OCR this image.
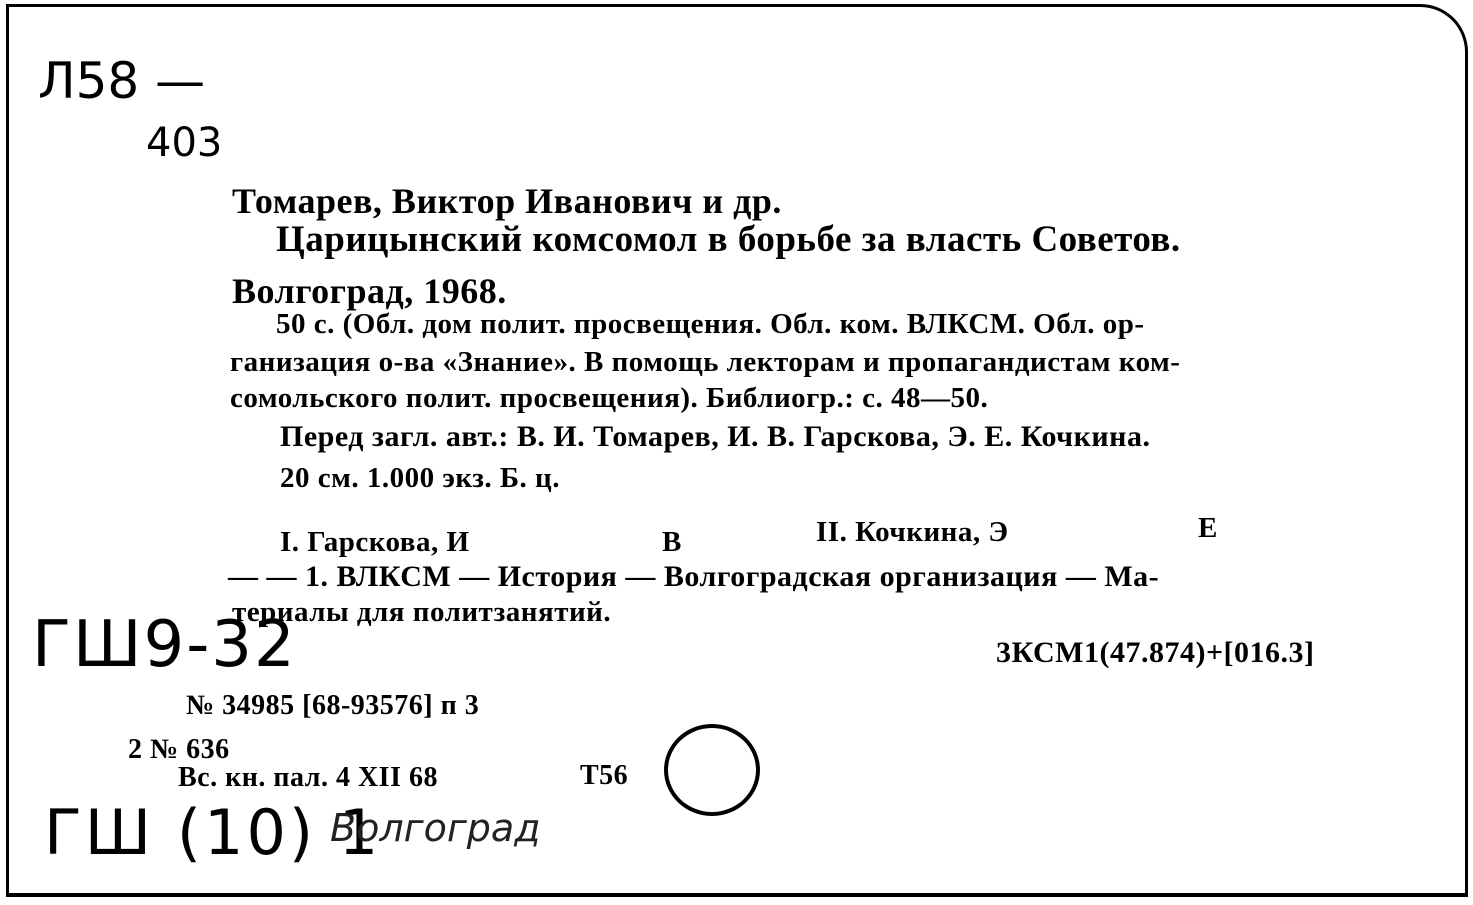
Л58 —
403
ГШ9-32
ГШ (10) 1
Волгоград
Томарев, Виктор Иванович и др.
Царицынский комсомол в борьбе за власть Советов.
Волгоград, 1968.
50 с. (Обл. дом полит. просвещения. Обл. ком. ВЛКСМ. Обл. ор-
ганизация о-ва «Знание». В помощь лекторам и пропагандистам ком-
сомольского полит. просвещения). Библиогр.: с. 48—50.
Перед загл. авт.: В. И. Томарев, И. В. Гарскова, Э. Е. Кочкина.
20 см. 1.000 экз. Б. ц.
I. Гарскова, И	В	II. Кочкина, Э	Е
— — 1. ВЛКСМ — История — Волгоградская организация — Ма-
териалы для политзанятий.
3КСМ1(47.874)+[016.3]
№ 34985 [68-93576] п 3
2 № 636
Вс. кн. пал. 4 XII 68	Т56
